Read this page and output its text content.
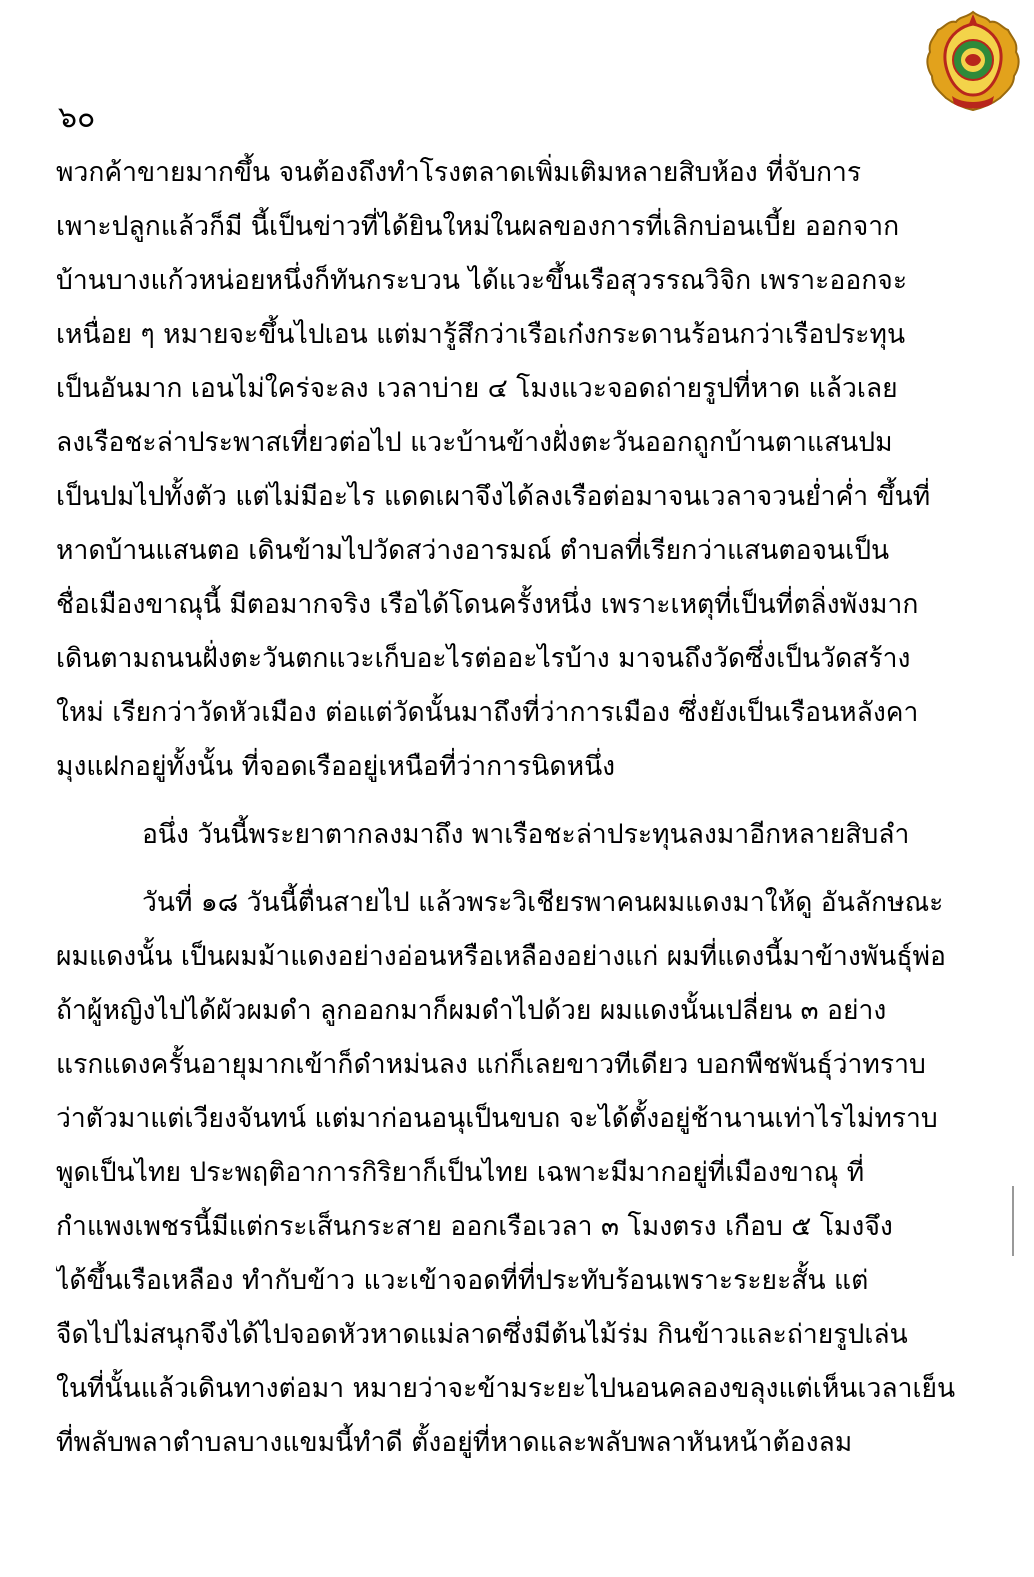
๖๐
พวกค้าขายมากขึ้น จนต้องถึงทำโรงตลาดเพิ่มเติมหลายสิบห้อง ที่จับการ
เพาะปลูกแล้วก็มี นี้เป็นข่าวที่ได้ยินใหม่ในผลของการที่เลิกบ่อนเบี้ย ออกจาก
บ้านบางแก้วหน่อยหนึ่งก็ทันกระบวน ได้แวะขึ้นเรือสุวรรณวิจิก เพราะออกจะ
เหนื่อย ๆ หมายจะขึ้นไปเอน แต่มารู้สึกว่าเรือเก๋งกระดานร้อนกว่าเรือประทุน
เป็นอันมาก เอนไม่ใคร่จะลง เวลาบ่าย ๔ โมงแวะจอดถ่ายรูปที่หาด แล้วเลย
ลงเรือชะล่าประพาสเที่ยวต่อไป แวะบ้านข้างฝั่งตะวันออกถูกบ้านตาแสนปม
เป็นปมไปทั้งตัว แต่ไม่มีอะไร แดดเผาจึงได้ลงเรือต่อมาจนเวลาจวนย่ำค่ำ ขึ้นที่
หาดบ้านแสนตอ เดินข้ามไปวัดสว่างอารมณ์ ตำบลที่เรียกว่าแสนตอจนเป็น
ชื่อเมืองขาณุนี้ มีตอมากจริง เรือได้โดนครั้งหนึ่ง เพราะเหตุที่เป็นที่ตลิ่งพังมาก
เดินตามถนนฝั่งตะวันตกแวะเก็บอะไรต่ออะไรบ้าง มาจนถึงวัดซึ่งเป็นวัดสร้าง
ใหม่ เรียกว่าวัดหัวเมือง ต่อแต่วัดนั้นมาถึงที่ว่าการเมือง ซึ่งยังเป็นเรือนหลังคา
มุงแฝกอยู่ทั้งนั้น ที่จอดเรืออยู่เหนือที่ว่าการนิดหนึ่ง
อนึ่ง วันนี้พระยาตากลงมาถึง พาเรือชะล่าประทุนลงมาอีกหลายสิบลำ
วันที่ ๑๘ วันนี้ตื่นสายไป แล้วพระวิเชียรพาคนผมแดงมาให้ดู อันลักษณะ
ผมแดงนั้น เป็นผมม้าแดงอย่างอ่อนหรือเหลืองอย่างแก่ ผมที่แดงนี้มาข้างพันธุ์พ่อ
ถ้าผู้หญิงไปได้ผัวผมดำ ลูกออกมาก็ผมดำไปด้วย ผมแดงนั้นเปลี่ยน ๓ อย่าง
แรกแดงครั้นอายุมากเข้าก็ดำหม่นลง แก่ก็เลยขาวทีเดียว บอกพืชพันธุ์ว่าทราบ
ว่าตัวมาแต่เวียงจันทน์ แต่มาก่อนอนุเป็นขบถ จะได้ตั้งอยู่ช้านานเท่าไรไม่ทราบ
พูดเป็นไทย ประพฤติอาการกิริยาก็เป็นไทย เฉพาะมีมากอยู่ที่เมืองขาณุ ที่
กำแพงเพชรนี้มีแต่กระเส็นกระสาย ออกเรือเวลา ๓ โมงตรง เกือบ ๕ โมงจึง
ได้ขึ้นเรือเหลือง ทำกับข้าว แวะเข้าจอดที่ที่ประทับร้อนเพราะระยะสั้น แต่
จืดไปไม่สนุกจึงได้ไปจอดหัวหาดแม่ลาดซึ่งมีต้นไม้ร่ม กินข้าวและถ่ายรูปเล่น
ในที่นั้นแล้วเดินทางต่อมา หมายว่าจะข้ามระยะไปนอนคลองขลุงแต่เห็นเวลาเย็น
ที่พลับพลาตำบลบางแขมนี้ทำดี ตั้งอยู่ที่หาดและพลับพลาหันหน้าต้องลม
